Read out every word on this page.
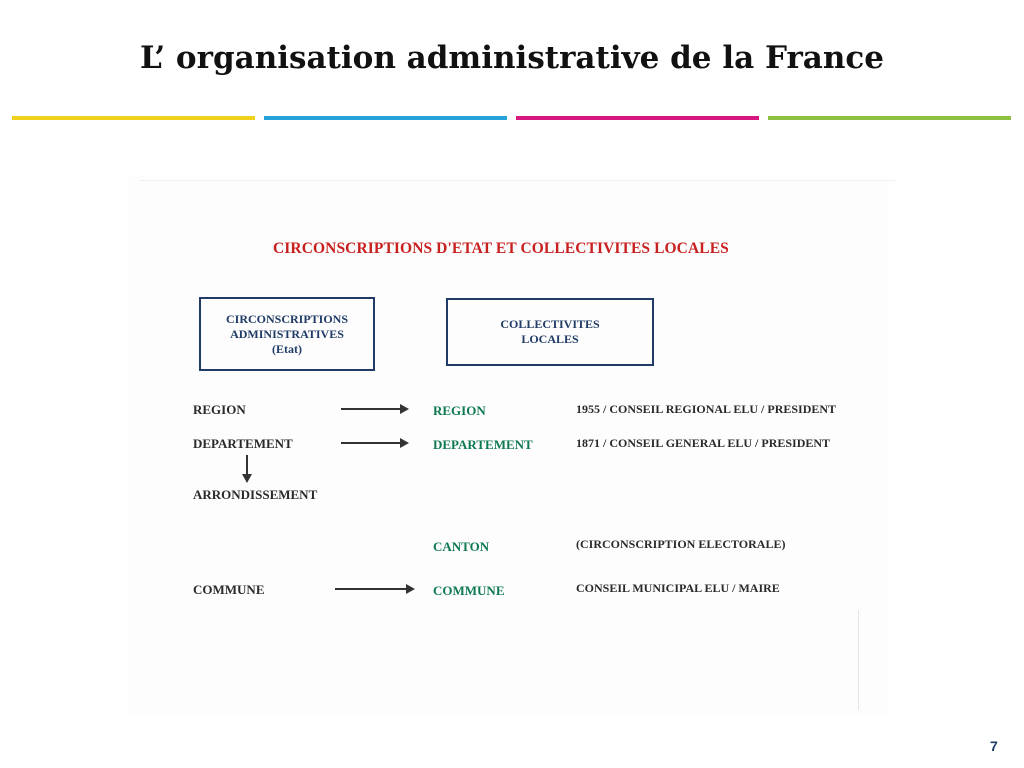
L’ organisation administrative de la France
CIRCONSCRIPTIONS D'ETAT ET COLLECTIVITES LOCALES
CIRCONSCRIPTIONS
ADMINISTRATIVES
(Etat)
COLLECTIVITES
LOCALES
REGION
DEPARTEMENT
ARRONDISSEMENT
COMMUNE
REGION
DEPARTEMENT
CANTON
COMMUNE
1955 / CONSEIL REGIONAL ELU / PRESIDENT
1871 / CONSEIL GENERAL ELU / PRESIDENT
(CIRCONSCRIPTION ELECTORALE)
CONSEIL MUNICIPAL ELU / MAIRE
7
